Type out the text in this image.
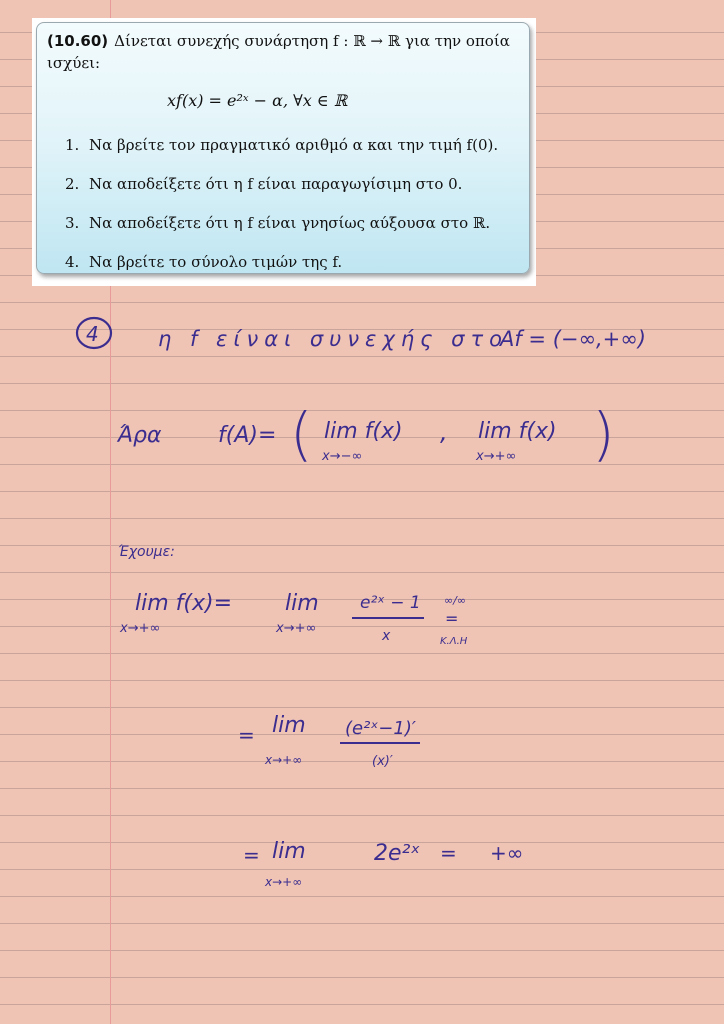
(10.60) Δίνεται συνεχής συνάρτηση f : ℝ → ℝ για την οποία ισχύει:
xf(x) = e²ˣ − α, ∀x ∈ ℝ
1. Να βρείτε τον πραγματικό αριθμό α και την τιμή f(0).
2. Να αποδείξετε ότι η f είναι παραγωγίσιμη στο 0.
3. Να αποδείξετε ότι η f είναι γνησίως αύξουσα στο ℝ.
4. Να βρείτε το σύνολο τιμών της f.
4	η f είναι συνεχής στο
Af = (−∞,+∞)
Άρα	f(A)= ( lim f(x)
x→−∞
, lim f(x)
x→+∞ )
Έχουμε:
lim f(x)=
x→+∞
lim
x→+∞
e²ˣ − 1
x
∞/∞
=
Κ.Λ.Η
= lim
x→+∞
(e²ˣ−1)′
(x)′
= lim
x→+∞
2e²ˣ = +∞
